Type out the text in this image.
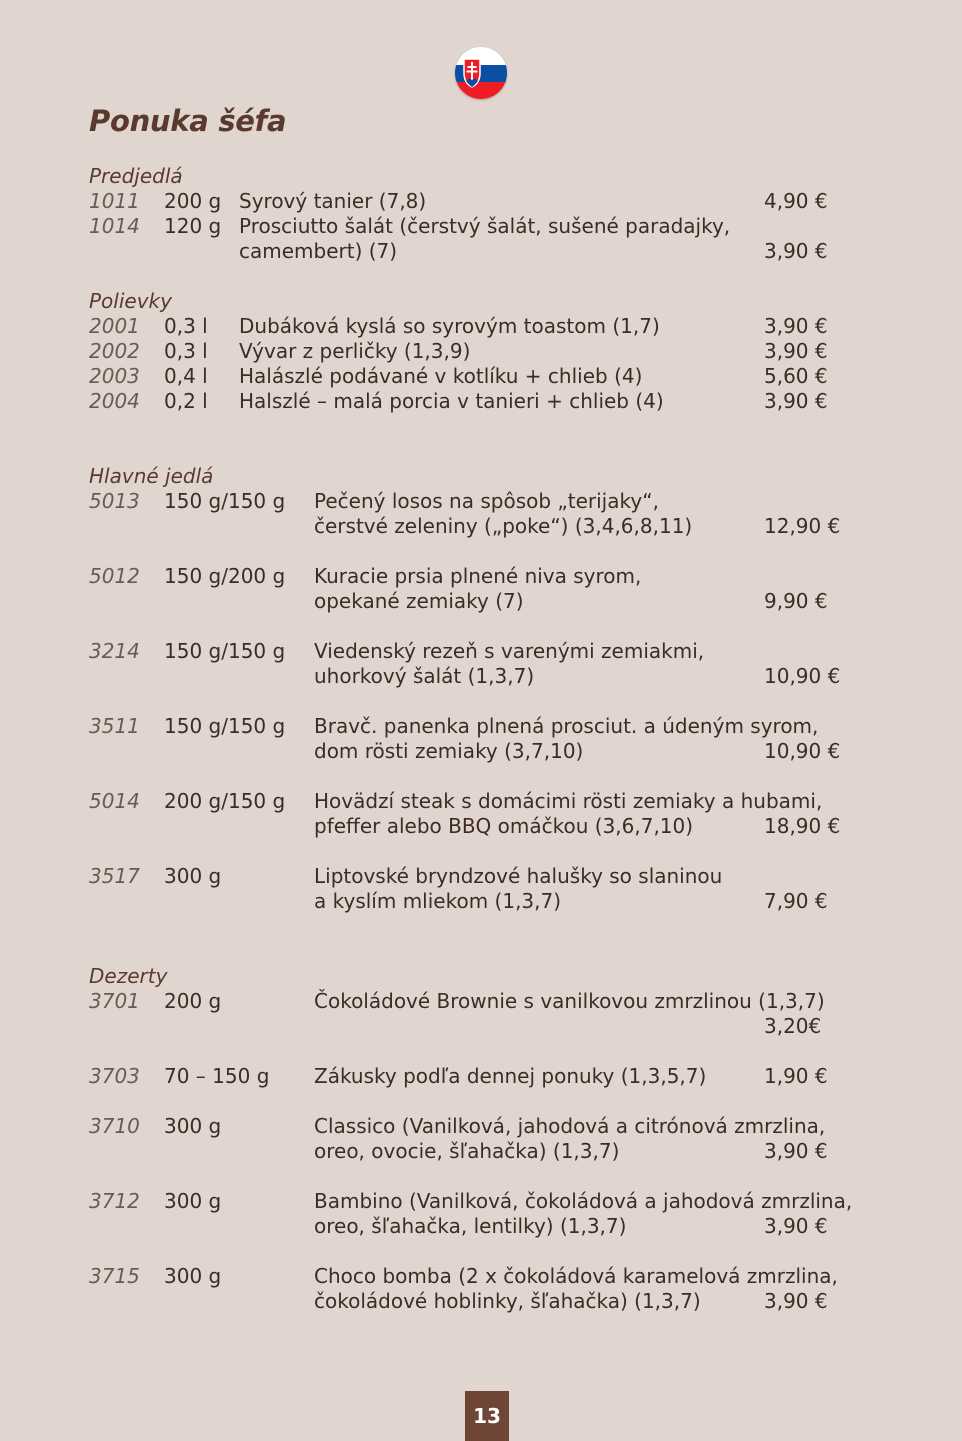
Ponuka šéfa
Predjedlá
1011 200 g Syrový tanier (7,8)	4,90 €
1014 120 g Prosciutto šalát (čerstvý šalát, sušené paradajky,
camembert) (7)	3,90 €
Polievky
2001 0,3 l Dubáková kyslá so syrovým toastom (1,7)	3,90 €
2002 0,3 l Vývar z perličky (1,3,9)	3,90 €
2003 0,4 l Halászlé podávané v kotlíku + chlieb (4)	5,60 €
2004 0,2 l Halszlé – malá porcia v tanieri + chlieb (4)	3,90 €
Hlavné jedlá
5013 150 g/150 g Pečený losos na spôsob „terijaky“,
čerstvé zeleniny („poke“) (3,4,6,8,11)	12,90 €
5012 150 g/200 g Kuracie prsia plnené niva syrom,
opekané zemiaky (7)	9,90 €
3214 150 g/150 g Viedenský rezeň s varenými zemiakmi,
uhorkový šalát (1,3,7)	10,90 €
3511 150 g/150 g Bravč. panenka plnená prosciut. a údeným syrom,
dom rösti zemiaky (3,7,10)	10,90 €
5014 200 g/150 g Hovädzí steak s domácimi rösti zemiaky a hubami,
pfeffer alebo BBQ omáčkou (3,6,7,10)	18,90 €
3517 300 g	Liptovské bryndzové halušky so slaninou
a kyslím mliekom (1,3,7)	7,90 €
Dezerty
3701 200 g	Čokoládové Brownie s vanilkovou zmrzlinou (1,3,7)
3,20€
3703 70 – 150 g Zákusky podľa dennej ponuky (1,3,5,7)	1,90 €
3710 300 g	Classico (Vanilková, jahodová a citrónová zmrzlina,
oreo, ovocie, šľahačka) (1,3,7)	3,90 €
3712 300 g	Bambino (Vanilková, čokoládová a jahodová zmrzlina,
oreo, šľahačka, lentilky) (1,3,7)	3,90 €
3715 300 g	Choco bomba (2 x čokoládová karamelová zmrzlina,
čokoládové hoblinky, šľahačka) (1,3,7)	3,90 €
13
